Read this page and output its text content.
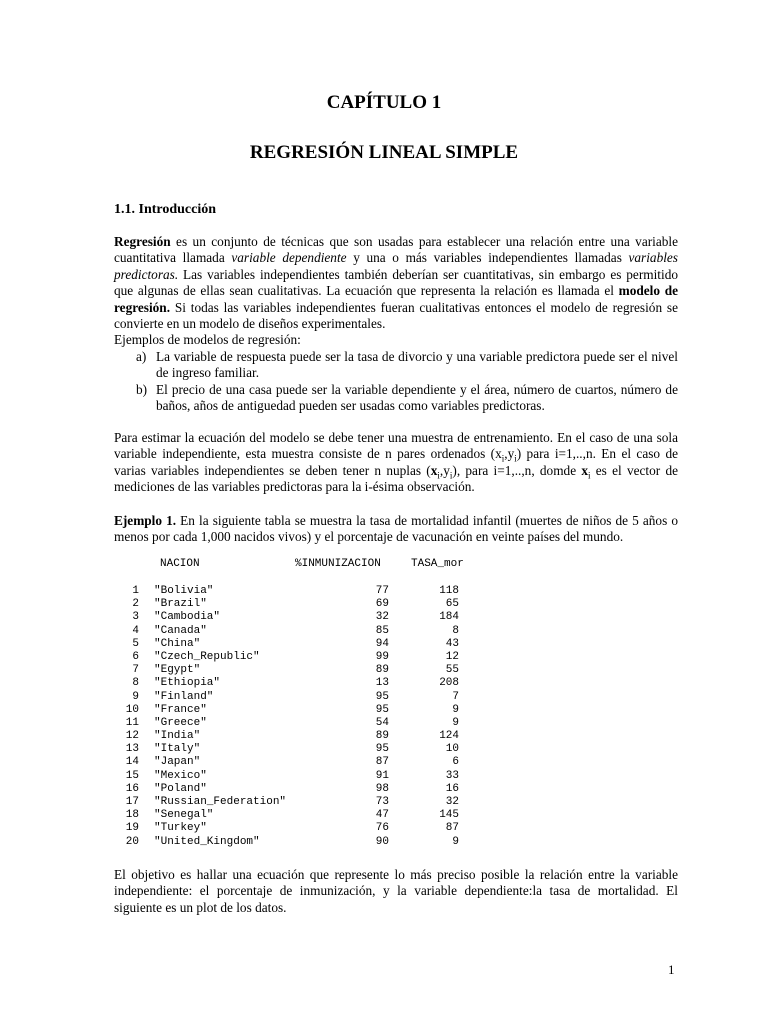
CAPÍTULO 1
REGRESIÓN LINEAL SIMPLE
1.1. Introducción

Regresión es un conjunto de técnicas que son usadas para establecer una relación entre una variable cuantitativa llamada variable dependiente y una o más variables independientes llamadas variables predictoras. Las variables independientes también deberían ser cuantitativas, sin embargo es permitido que algunas de ellas sean cualitativas. La ecuación que representa la relación es llamada el modelo de regresión. Si todas las variables independientes fueran cualitativas entonces el modelo de regresión se convierte en un modelo de diseños experimentales.

Ejemplos de modelos de regresión:

a) La variable de respuesta puede ser la tasa de divorcio y una variable predictora puede ser el nivel de ingreso familiar.
b) El precio de una casa puede ser la variable dependiente y el área, número de cuartos, número de baños, años de antiguedad pueden ser usadas como variables predictoras.

Para estimar la ecuación del modelo se debe tener una muestra de entrenamiento. En el caso de una sola variable independiente, esta muestra consiste de n pares ordenados $(x_i,y_i)$ para i=1,..,n. En el caso de varias variables independientes se deben tener n nuplas $(x_i,y_i)$, para i=1,..,n, domde $x_i$ es el vector de mediciones de las variables predictoras para la i-ésima observación.

Ejemplo 1. En la siguiente tabla se muestra la tasa de mortalidad infantil (muertes de niños de 5 años o menos por cada 1,000 nacidos vivos) y el porcentaje de vacunación en veinte países del mundo.

NACION	%INMUNIZACION	TASA_mor
1 "Bolivia"	77	118
2 "Brazil"	69	65
3 "Cambodia"	32	184
4 "Canada"	85	8
5 "China"	94	43
6 "Czech_Republic"	99	12
7 "Egypt"	89	55
8 "Ethiopia"	13	208
9 "Finland"	95	7
10 "France"	95	9
11 "Greece"	54	9
12 "India"	89	124
13 "Italy"	95	10
14 "Japan"	87	6
15 "Mexico"	91	33
16 "Poland"	98	16
17 "Russian_Federation"	73	32
18 "Senegal"	47	145
19 "Turkey"	76	87
20 "United_Kingdom"	90	9

El objetivo es hallar una ecuación que represente lo más preciso posible la relación entre la variable independiente: el porcentaje de inmunización, y la variable dependiente:la tasa de mortalidad. El siguiente es un plot de los datos.

1
